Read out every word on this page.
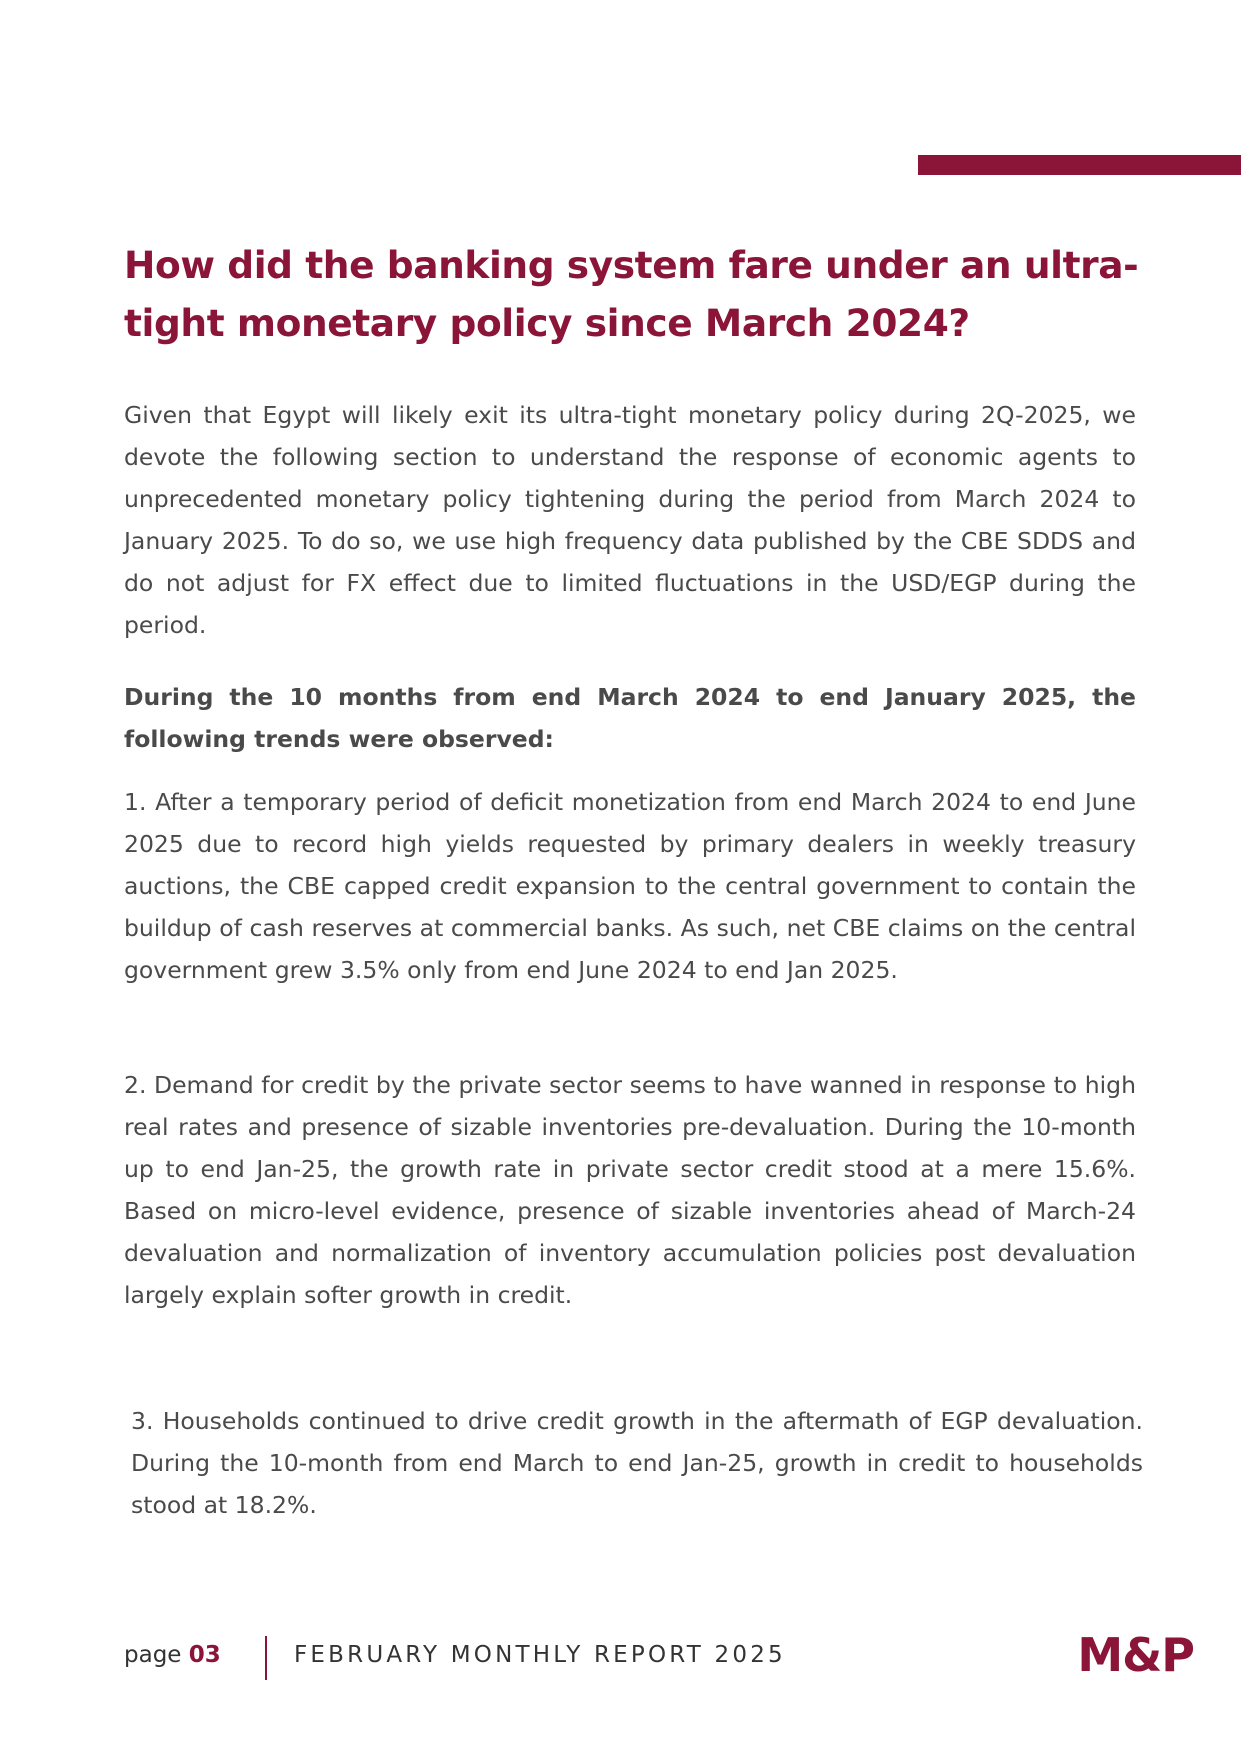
How did the banking system fare under an ultra-tight monetary policy since March 2024?

Given that Egypt will likely exit its ultra-tight monetary policy during 2Q-2025, we devote the following section to understand the response of economic agents to unprecedented monetary policy tightening during the period from March 2024 to January 2025. To do so, we use high frequency data published by the CBE SDDS and do not adjust for FX effect due to limited fluctuations in the USD/EGP during the period.

During the 10 months from end March 2024 to end January 2025, the following trends were observed:

1. After a temporary period of deficit monetization from end March 2024 to end June 2025 due to record high yields requested by primary dealers in weekly treasury auctions, the CBE capped credit expansion to the central government to contain the buildup of cash reserves at commercial banks. As such, net CBE claims on the central government grew 3.5% only from end June 2024 to end Jan 2025.

2. Demand for credit by the private sector seems to have wanned in response to high real rates and presence of sizable inventories pre-devaluation. During the 10-month up to end Jan-25, the growth rate in private sector credit stood at a mere 15.6%. Based on micro-level evidence, presence of sizable inventories ahead of March-24 devaluation and normalization of inventory accumulation policies post devaluation largely explain softer growth in credit.

3. Households continued to drive credit growth in the aftermath of EGP devaluation. During the 10-month from end March to end Jan-25, growth in credit to households stood at 18.2%.

page 03	FEBRUARY MONTHLY REPORT 2025	M&P
